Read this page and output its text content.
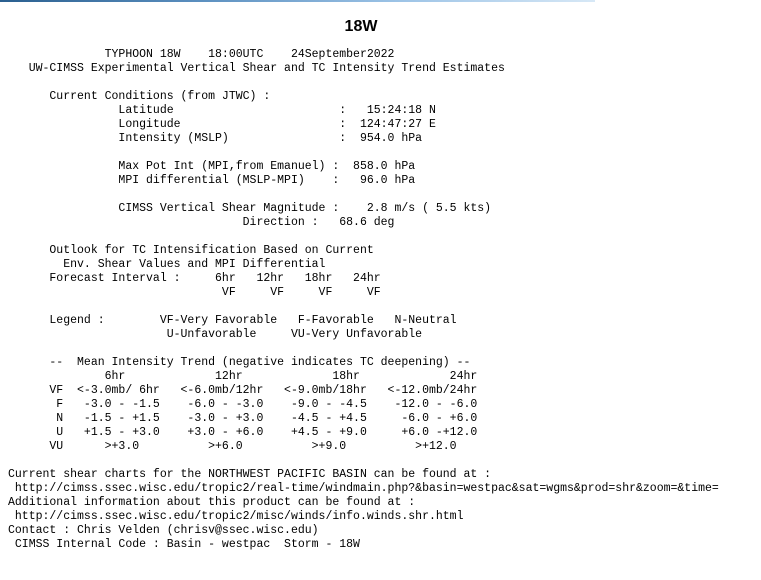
18W
TYPHOON 18W    18:00UTC    24September2022
UW-CIMSS Experimental Vertical Shear and TC Intensity Trend Estimates

Current Conditions (from JTWC) :
Latitude                        :   15:24:18 N
Longitude                       :  124:47:27 E
Intensity (MSLP)                :  954.0 hPa

Max Pot Int (MPI,from Emanuel) :  858.0 hPa
MPI differential (MSLP-MPI)    :   96.0 hPa

CIMSS Vertical Shear Magnitude :    2.8 m/s ( 5.5 kts)
Direction :   68.6 deg

Outlook for TC Intensification Based on Current
Env. Shear Values and MPI Differential
Forecast Interval :     6hr   12hr   18hr   24hr
VF     VF     VF     VF

Legend :        VF-Very Favorable   F-Favorable   N-Neutral
U-Unfavorable     VU-Very Unfavorable

--  Mean Intensity Trend (negative indicates TC deepening) --
6hr             12hr             18hr             24hr
VF  <-3.0mb/ 6hr   <-6.0mb/12hr   <-9.0mb/18hr   <-12.0mb/24hr
F   -3.0 - -1.5    -6.0 - -3.0    -9.0 - -4.5    -12.0 - -6.0
N   -1.5 - +1.5    -3.0 - +3.0    -4.5 - +4.5     -6.0 - +6.0
U   +1.5 - +3.0    +3.0 - +6.0    +4.5 - +9.0     +6.0 -+12.0
VU      >+3.0          >+6.0          >+9.0          >+12.0

Current shear charts for the NORTHWEST PACIFIC BASIN can be found at :
http://cimss.ssec.wisc.edu/tropic2/real-time/windmain.php?&basin=westpac&sat=wgms&prod=shr&zoom=&time=
Additional information about this product can be found at :
http://cimss.ssec.wisc.edu/tropic2/misc/winds/info.winds.shr.html
Contact : Chris Velden (chrisv@ssec.wisc.edu)
CIMSS Internal Code : Basin - westpac  Storm - 18W
